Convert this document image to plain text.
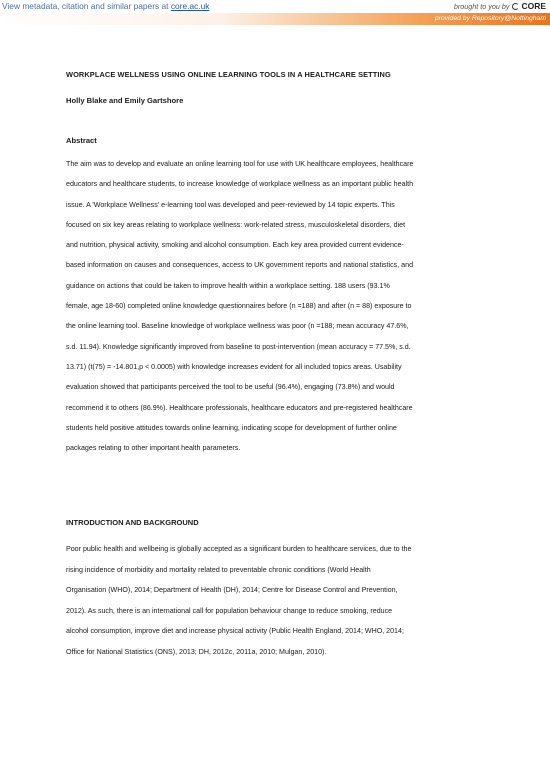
View metadata, citation and similar papers at core.ac.uk	brought to you by CORE
provided by Repository@Nottingham
WORKPLACE WELLNESS USING ONLINE LEARNING TOOLS IN A HEALTHCARE SETTING

Holly Blake and Emily Gartshore

Abstract
The aim was to develop and evaluate an online learning tool for use with UK healthcare employees, healthcare
educators and healthcare students, to increase knowledge of workplace wellness as an important public health
issue. A 'Workplace Wellness' e-learning tool was developed and peer-reviewed by 14 topic experts. This
focused on six key areas relating to workplace wellness: work-related stress, musculoskeletal disorders, diet
and nutrition, physical activity, smoking and alcohol consumption. Each key area provided current evidence-
based information on causes and consequences, access to UK government reports and national statistics, and
guidance on actions that could be taken to improve health within a workplace setting. 188 users (93.1%
female, age 18-60) completed online knowledge questionnaires before (n =188) and after (n = 88) exposure to
the online learning tool. Baseline knowledge of workplace wellness was poor (n =188; mean accuracy 47.6%,
s.d. 11.94). Knowledge significantly improved from baseline to post-intervention (mean accuracy = 77.5%, s.d.
13.71) (t(75) = -14.801,p < 0.0005) with knowledge increases evident for all included topics areas. Usability
evaluation showed that participants perceived the tool to be useful (96.4%), engaging (73.8%) and would
recommend it to others (86.9%). Healthcare professionals, healthcare educators and pre-registered healthcare
students held positive attitudes towards online learning, indicating scope for development of further online
packages relating to other important health parameters.
INTRODUCTION AND BACKGROUND
Poor public health and wellbeing is globally accepted as a significant burden to healthcare services, due to the
rising incidence of morbidity and mortality related to preventable chronic conditions (World Health
Organisation (WHO), 2014; Department of Health (DH), 2014; Centre for Disease Control and Prevention,
2012). As such, there is an international call for population behaviour change to reduce smoking, reduce
alcohol consumption, improve diet and increase physical activity (Public Health England, 2014; WHO, 2014;
Office for National Statistics (ONS), 2013; DH, 2012c, 2011a, 2010; Mulgan, 2010).
